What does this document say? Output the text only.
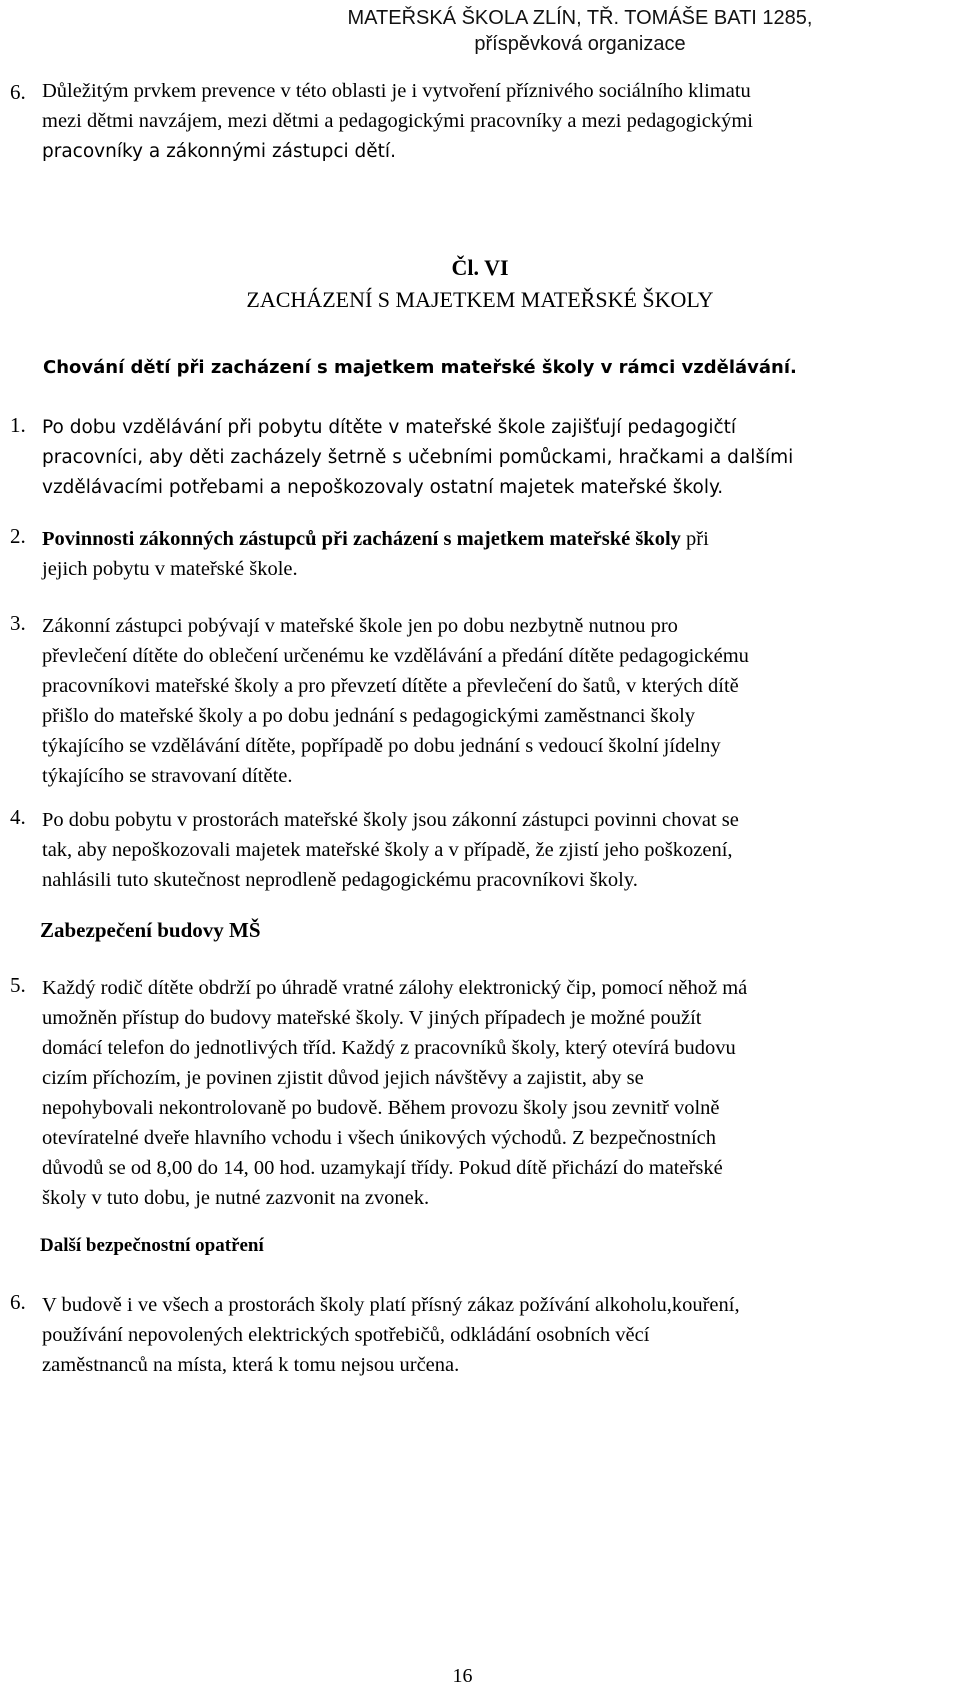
MATEŘSKÁ ŠKOLA ZLÍN, TŘ. TOMÁŠE BATI 1285,
příspěvková organizace
6. Důležitým prvkem prevence v této oblasti je i vytvoření příznivého sociálního klimatu
mezi dětmi navzájem, mezi dětmi a pedagogickými pracovníky a mezi pedagogickými
pracovníky a zákonnými zástupci dětí.
Čl. VI
ZACHÁZENÍ S MAJETKEM MATEŘSKÉ ŠKOLY
Chování dětí při zacházení s majetkem mateřské školy v rámci vzdělávání.
1. Po dobu vzdělávání při pobytu dítěte v mateřské škole zajišťují pedagogičtí
pracovníci, aby děti zacházely šetrně s učebními pomůckami, hračkami a dalšími
vzdělávacími potřebami a nepoškozovaly ostatní majetek mateřské školy.
2. Povinnosti zákonných zástupců při zacházení s majetkem mateřské školy při
jejich pobytu v mateřské škole.
3. Zákonní zástupci pobývají v mateřské škole jen po dobu nezbytně nutnou pro
převlečení dítěte do oblečení určenému ke vzdělávání a předání dítěte pedagogickému
pracovníkovi mateřské školy a pro převzetí dítěte a převlečení do šatů, v kterých dítě
přišlo do mateřské školy a po dobu jednání s pedagogickými zaměstnanci školy
týkajícího se vzdělávání dítěte, popřípadě po dobu jednání s vedoucí školní jídelny
týkajícího se stravovaní dítěte.
4. Po dobu pobytu v prostorách mateřské školy jsou zákonní zástupci povinni chovat se
tak, aby nepoškozovali majetek mateřské školy a v případě, že zjistí jeho poškození,
nahlásili tuto skutečnost neprodleně pedagogickému pracovníkovi školy.
Zabezpečení budovy MŠ
5. Každý rodič dítěte obdrží po úhradě vratné zálohy elektronický čip, pomocí něhož má
umožněn přístup do budovy mateřské školy. V jiných případech je možné použít
domácí telefon do jednotlivých tříd. Každý z pracovníků školy, který otevírá budovu
cizím příchozím, je povinen zjistit důvod jejich návštěvy a zajistit, aby se
nepohybovali nekontrolovaně po budově. Během provozu školy jsou zevnitř volně
otevíratelné dveře hlavního vchodu i všech únikových východů. Z bezpečnostních
důvodů se od 8,00 do 14, 00 hod. uzamykají třídy. Pokud dítě přichází do mateřské
školy v tuto dobu, je nutné zazvonit na zvonek.
Další bezpečnostní opatření
6. V budově i ve všech a prostorách školy platí přísný zákaz požívání alkoholu,kouření,
používání nepovolených elektrických spotřebičů, odkládání osobních věcí
zaměstnanců na místa, která k tomu nejsou určena.
16
